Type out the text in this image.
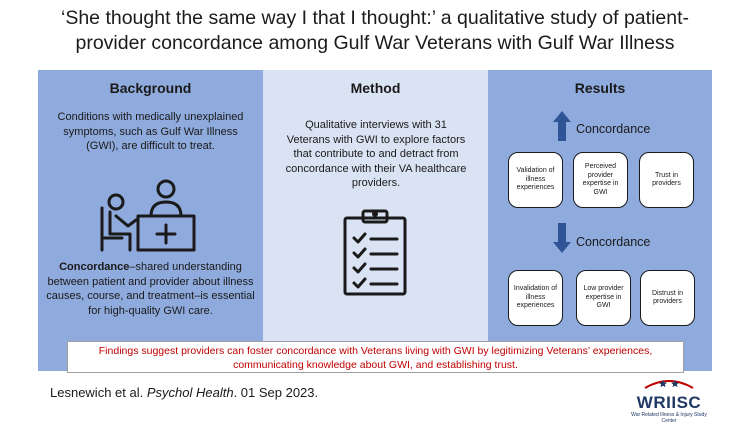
‘She thought the same way I that I thought:’ a qualitative study of patient-
provider concordance among Gulf War Veterans with Gulf War Illness
Background
Conditions with medically unexplained symptoms, such as Gulf War Illness (GWI), are difficult to treat.
Concordance–shared understanding between patient and provider about illness causes, course, and treatment–is essential for high-quality GWI care.
Method
Qualitative interviews with 31 Veterans with GWI to explore factors that contribute to and detract from concordance with their VA healthcare providers.
Results
Concordance
Validation of illness experiences
Perceived provider expertise in GWI
Trust in providers
Concordance
Invalidation of illness experiences
Low provider expertise in GWI
Distrust in providers
Findings suggest providers can foster concordance with Veterans living with GWI by legitimizing Veterans’ experiences, communicating knowledge about GWI, and establishing trust.
Lesnewich et al. Psychol Health. 01 Sep 2023.
WRIISC
War Related Illness & Injury Study Center
